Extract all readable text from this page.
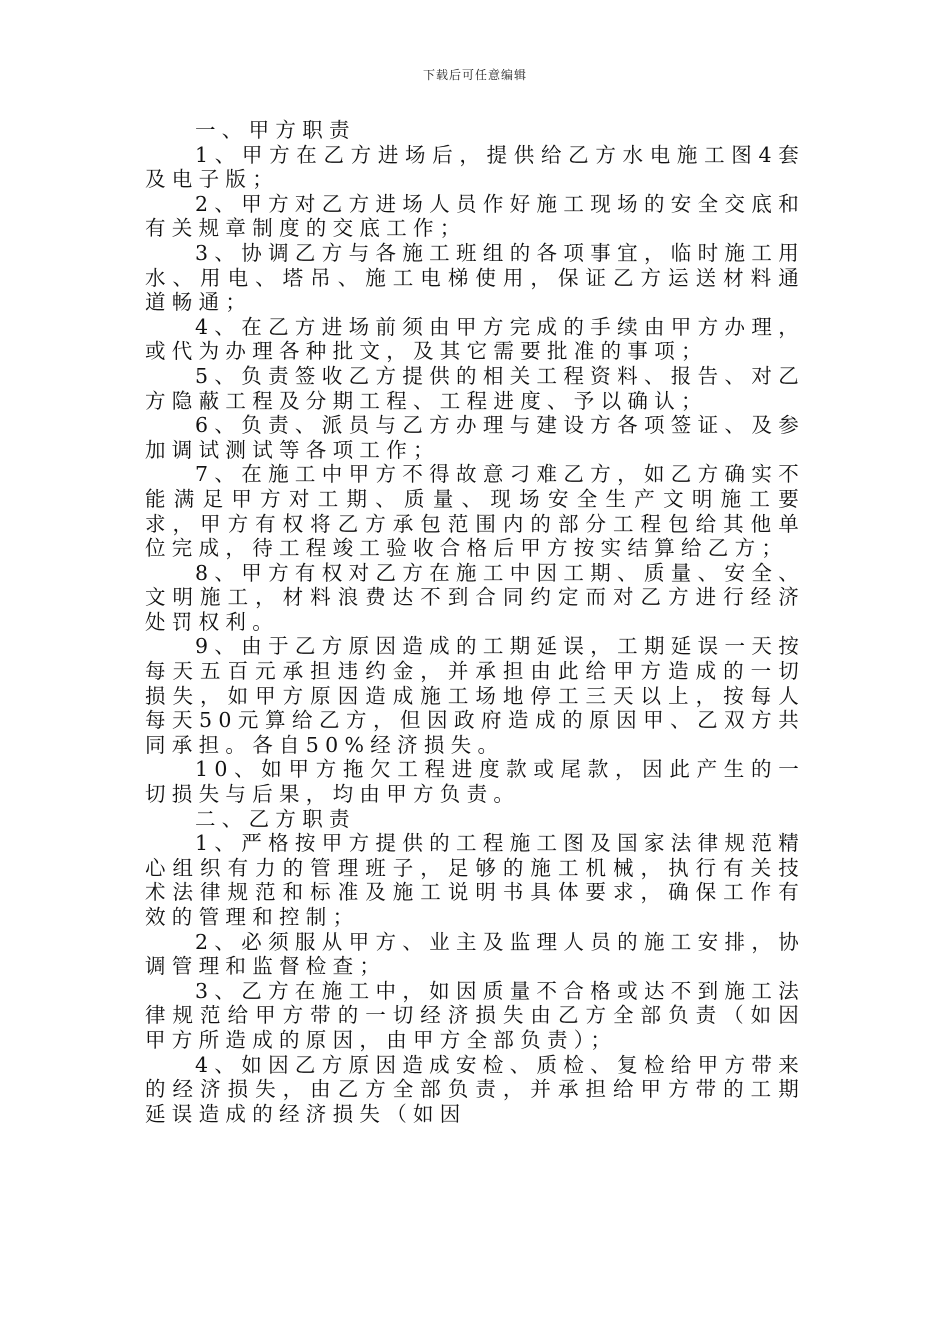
下载后可任意编辑

一、甲方职责

1、甲方在乙方进场后，提供给乙方水电施工图4套及电子版；

2、甲方对乙方进场人员作好施工现场的安全交底和有关规章制度的交底工作；

3、协调乙方与各施工班组的各项事宜，临时施工用水、用电、塔吊、施工电梯使用，保证乙方运送材料通道畅通；

4、在乙方进场前须由甲方完成的手续由甲方办理，或代为办理各种批文，及其它需要批准的事项；

5、负责签收乙方提供的相关工程资料、报告、对乙方隐蔽工程及分期工程、工程进度、予以确认；

6、负责、派员与乙方办理与建设方各项签证、及参加调试测试等各项工作；

7、在施工中甲方不得故意刁难乙方，如乙方确实不能满足甲方对工期、质量、现场安全生产文明施工要求，甲方有权将乙方承包范围内的部分工程包给其他单位完成，待工程竣工验收合格后甲方按实结算给乙方；

8、甲方有权对乙方在施工中因工期、质量、安全、文明施工，材料浪费达不到合同约定而对乙方进行经济处罚权利。

9、由于乙方原因造成的工期延误，工期延误一天按每天五百元承担违约金，并承担由此给甲方造成的一切损失，如甲方原因造成施工场地停工三天以上，按每人每天50元算给乙方，但因政府造成的原因甲、乙双方共同承担。各自50%经济损失。

10、如甲方拖欠工程进度款或尾款，因此产生的一切损失与后果，均由甲方负责。

二、乙方职责

1、严格按甲方提供的工程施工图及国家法律规范精心组织有力的管理班子，足够的施工机械，执行有关技术法律规范和标准及施工说明书具体要求，确保工作有效的管理和控制；

2、必须服从甲方、业主及监理人员的施工安排，协调管理和监督检查；

3、乙方在施工中，如因质量不合格或达不到施工法律规范给甲方带的一切经济损失由乙方全部负责（如因甲方所造成的原因，由甲方全部负责）；

4、如因乙方原因造成安检、质检、复检给甲方带来的经济损失，由乙方全部负责，并承担给甲方带的工期延误造成的经济损失（如因
